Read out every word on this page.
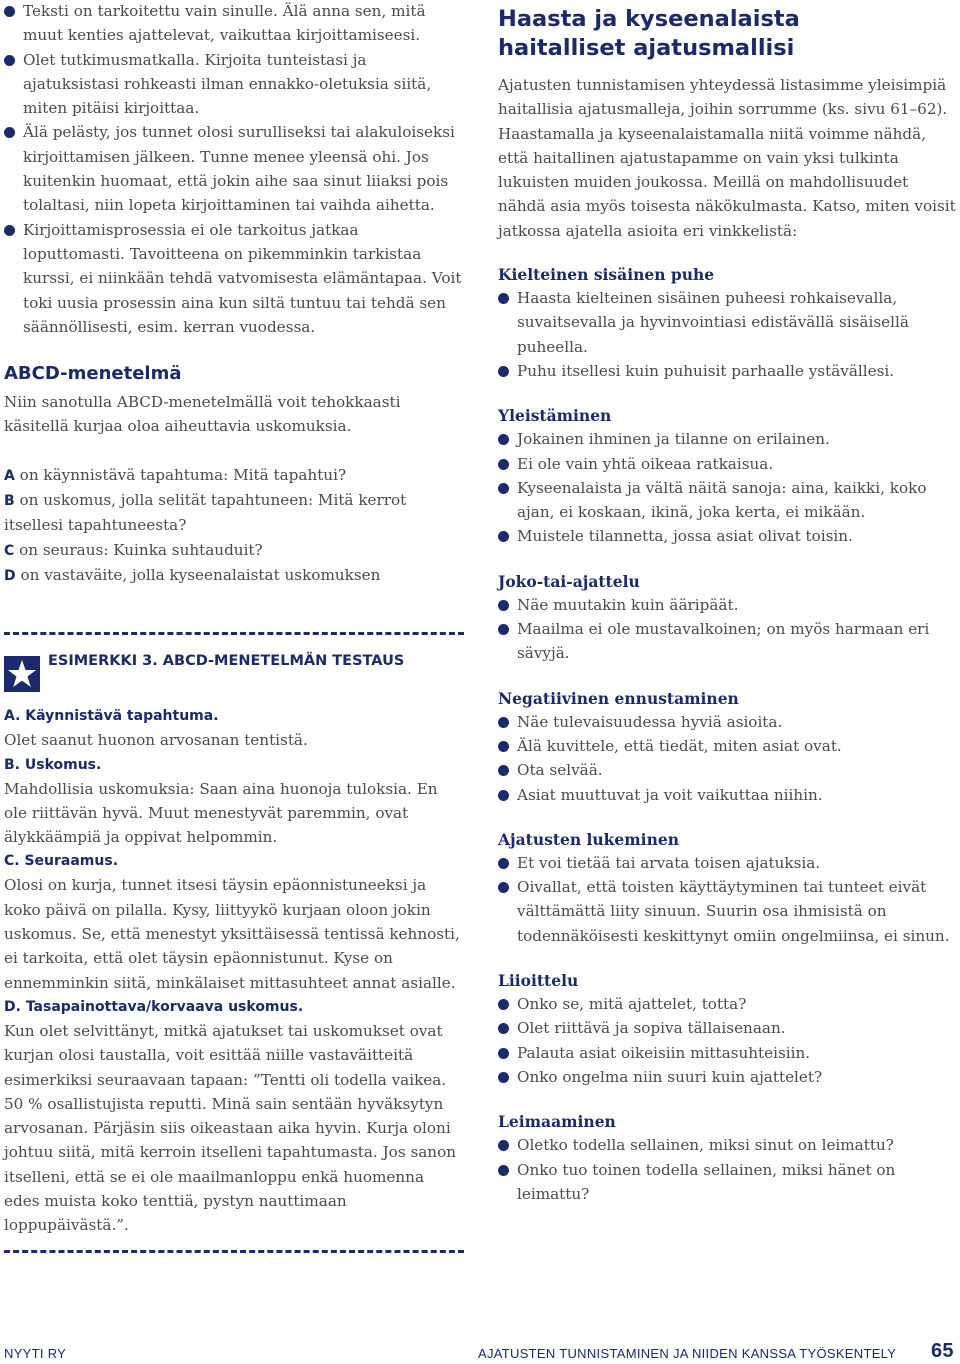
Teksti on tarkoitettu vain sinulle. Älä anna sen, mitä muut kenties ajattelevat, vaikuttaa kirjoittamiseesi.
Olet tutkimusmatkalla. Kirjoita tunteistasi ja ajatuksistasi rohkeasti ilman ennakko-oletuksia siitä, miten pitäisi kirjoittaa.
Älä pelästy, jos tunnet olosi surulliseksi tai alakuloiseksi kirjoittamisen jälkeen. Tunne menee yleensä ohi. Jos kuitenkin huomaat, että jokin aihe saa sinut liiaksi pois tolaltasi, niin lopeta kirjoittaminen tai vaihda aihetta.
Kirjoittamisprosessia ei ole tarkoitus jatkaa loputtomasti. Tavoitteena on pikemminkin tarkistaa kurssi, ei niinkään tehdä vatvomisesta elämäntapaa. Voit toki uusia prosessin aina kun siltä tuntuu tai tehdä sen säännöllisesti, esim. kerran vuodessa.
ABCD-menetelmä

Niin sanotulla ABCD-menetelmällä voit tehokkaasti käsitellä kurjaa oloa aiheuttavia uskomuksia.

A on käynnistävä tapahtuma: Mitä tapahtui?

B on uskomus, jolla selität tapahtuneen: Mitä kerrot itsellesi tapahtuneesta?

C on seuraus: Kuinka suhtauduit?

D on vastaväite, jolla kyseenalaistat uskomuksen

ESIMERKKI 3. ABCD-MENETELMÄN TESTAUS

A. Käynnistävä tapahtuma.

Olet saanut huonon arvosanan tentistä.

B. Uskomus.

Mahdollisia uskomuksia: Saan aina huonoja tuloksia. En ole riittävän hyvä. Muut menestyvät paremmin, ovat älykkäämpiä ja oppivat helpommin.

C. Seuraamus.

Olosi on kurja, tunnet itsesi täysin epäonnistuneeksi ja koko päivä on pilalla. Kysy, liittyykö kurjaan oloon jokin uskomus. Se, että menestyt yksittäisessä tentissä kehnosti, ei tarkoita, että olet täysin epäonnistunut. Kyse on ennemminkin siitä, minkälaiset mittasuhteet annat asialle.

D. Tasapainottava/korvaava uskomus.

Kun olet selvittänyt, mitkä ajatukset tai uskomukset ovat kurjan olosi taustalla, voit esittää niille vastaväitteitä esimerkiksi seuraavaan tapaan: ”Tentti oli todella vaikea. 50 % osallistujista reputti. Minä sain sentään hyväksytyn arvosanan. Pärjäsin siis oikeastaan aika hyvin. Kurja oloni johtuu siitä, mitä kerroin itselleni tapahtumasta. Jos sanon itselleni, että se ei ole maailmanloppu enkä huomenna edes muista koko tenttiä, pystyn nauttimaan loppupäivästä.”.

Haasta ja kyseenalaista
haitalliset ajatusmallisi

Ajatusten tunnistamisen yhteydessä listasimme yleisimpiä haitallisia ajatusmalleja, joihin sorrumme (ks. sivu 61–62). Haastamalla ja kyseenalaistamalla niitä voimme nähdä, että haitallinen ajatustapamme on vain yksi tulkinta lukuisten muiden joukossa. Meillä on mahdollisuudet nähdä asia myös toisesta näkökulmasta. Katso, miten voisit jatkossa ajatella asioita eri vinkkelistä:

Kielteinen sisäinen puhe
Haasta kielteinen sisäinen puheesi rohkaisevalla, suvaitsevalla ja hyvinvointiasi edistävällä sisäisellä puheella.
Puhu itsellesi kuin puhuisit parhaalle ystävällesi.
Yleistäminen
Jokainen ihminen ja tilanne on erilainen.
Ei ole vain yhtä oikeaa ratkaisua.
Kyseenalaista ja vältä näitä sanoja: aina, kaikki, koko ajan, ei koskaan, ikinä, joka kerta, ei mikään.
Muistele tilannetta, jossa asiat olivat toisin.
Joko-tai-ajattelu
Näe muutakin kuin ääripäät.
Maailma ei ole mustavalkoinen; on myös harmaan eri sävyjä.
Negatiivinen ennustaminen
Näe tulevaisuudessa hyviä asioita.
Älä kuvittele, että tiedät, miten asiat ovat.
Ota selvää.
Asiat muuttuvat ja voit vaikuttaa niihin.
Ajatusten lukeminen
Et voi tietää tai arvata toisen ajatuksia.
Oivallat, että toisten käyttäytyminen tai tunteet eivät välttämättä liity sinuun. Suurin osa ihmisistä on todennäköisesti keskittynyt omiin ongelmiinsa, ei sinun.
Liioittelu
Onko se, mitä ajattelet, totta?
Olet riittävä ja sopiva tällaisenaan.
Palauta asiat oikeisiin mittasuhteisiin.
Onko ongelma niin suuri kuin ajattelet?
Leimaaminen
Oletko todella sellainen, miksi sinut on leimattu?
Onko tuo toinen todella sellainen, miksi hänet on leimattu?
NYYTI RY	AJATUSTEN TUNNISTAMINEN JA NIIDEN KANSSA TYÖSKENTELY 65
